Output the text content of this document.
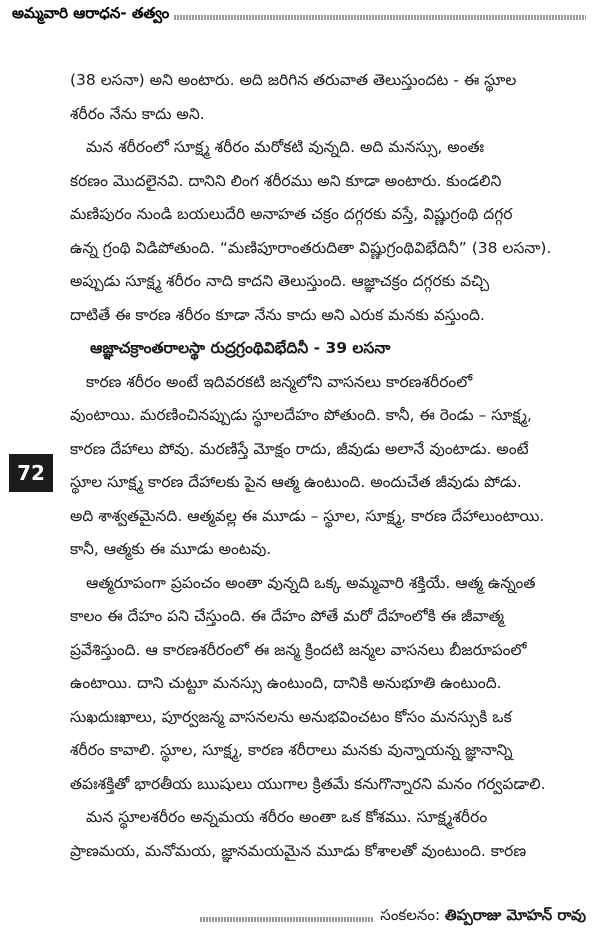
అమ్మవారి ఆరాధన- తత్వం
72
(38 లసనా) అని అంటారు. అది జరిగిన తరువాత తెలుస్తుందట - ఈ స్థూల
శరీరం నేను కాదు అని.
మన శరీరంలో సూక్ష్మ శరీరం మరోకటి వున్నది. అది మనస్సు, అంతః
కరణం మొదలైనవి. దానిని లింగ శరీరము అని కూడా అంటారు. కుండలిని
మణిపురం నుండి బయలుదేరి అనాహత చక్రం దగ్గరకు వస్తే, విష్ణుగ్రంథి దగ్గర
ఉన్న గ్రంథి విడిపోతుంది. “మణిపూరాంతరుదితా విష్ణుగ్రంథివిభేదినీ” (38 లసనా).
అప్పుడు సూక్ష్మ శరీరం నాది కాదని తెలుస్తుంది. ఆజ్ఞాచక్రం దగ్గరకు వచ్చి
దాటితే ఈ కారణ శరీరం కూడా నేను కాదు అని ఎరుక మనకు వస్తుంది.
ఆజ్ఞాచక్రాంతరాలస్థా రుద్రగ్రంథివిభేదినీ - 39 లసనా
కారణ శరీరం అంటే ఇదివరకటి జన్మలోని వాసనలు కారణశరీరంలో
వుంటాయి. మరణించినప్పుడు స్థూలదేహం పోతుంది. కానీ, ఈ రెండు – సూక్ష్మ,
కారణ దేహాలు పోవు. మరణిస్తే మోక్షం రాదు, జీవుడు అలానే వుంటాడు. అంటే
స్థూల సూక్ష్మ కారణ దేహాలకు పైన ఆత్మ ఉంటుంది. అందుచేత జీవుడు పోడు.
అది శాశ్వతమైనది. ఆత్మవల్ల ఈ మూడు – స్థూల, సూక్ష్మ, కారణ దేహాలుంటాయి.
కానీ, ఆత్మకు ఈ మూడు అంటవు.
ఆత్మరూపంగా ప్రపంచం అంతా వున్నది ఒక్క అమ్మవారి శక్తియే. ఆత్మ ఉన్నంత
కాలం ఈ దేహం పని చేస్తుంది. ఈ దేహం పోతే మరో దేహంలోకి ఈ జీవాత్మ
ప్రవేశిస్తుంది. ఆ కారణశరీరంలో ఈ జన్మ క్రిందటి జన్మల వాసనలు బీజరూపంలో
ఉంటాయి. దాని చుట్టూ మనస్సు ఉంటుంది, దానికి అనుభూతి ఉంటుంది.
సుఖదుఃఖాలు, పూర్వజన్మ వాసనలను అనుభవించటం కోసం మనస్సుకి ఒక
శరీరం కావాలి. స్థూల, సూక్ష్మ, కారణ శరీరాలు మనకు వున్నాయన్న జ్ఞానాన్ని
తపఃశక్తితో భారతీయ ఋషులు యుగాల క్రితమే కనుగొన్నారని మనం గర్వపడాలి.
మన స్థూలశరీరం అన్నమయ శరీరం అంతా ఒక కోశము. సూక్ష్మశరీరం
ప్రాణమయ, మనోమయ, జ్ఞానమయమైన మూడు కోశాలతో వుంటుంది. కారణ
సంకలనం: తిప్పరాజు మోహన్ రావు
